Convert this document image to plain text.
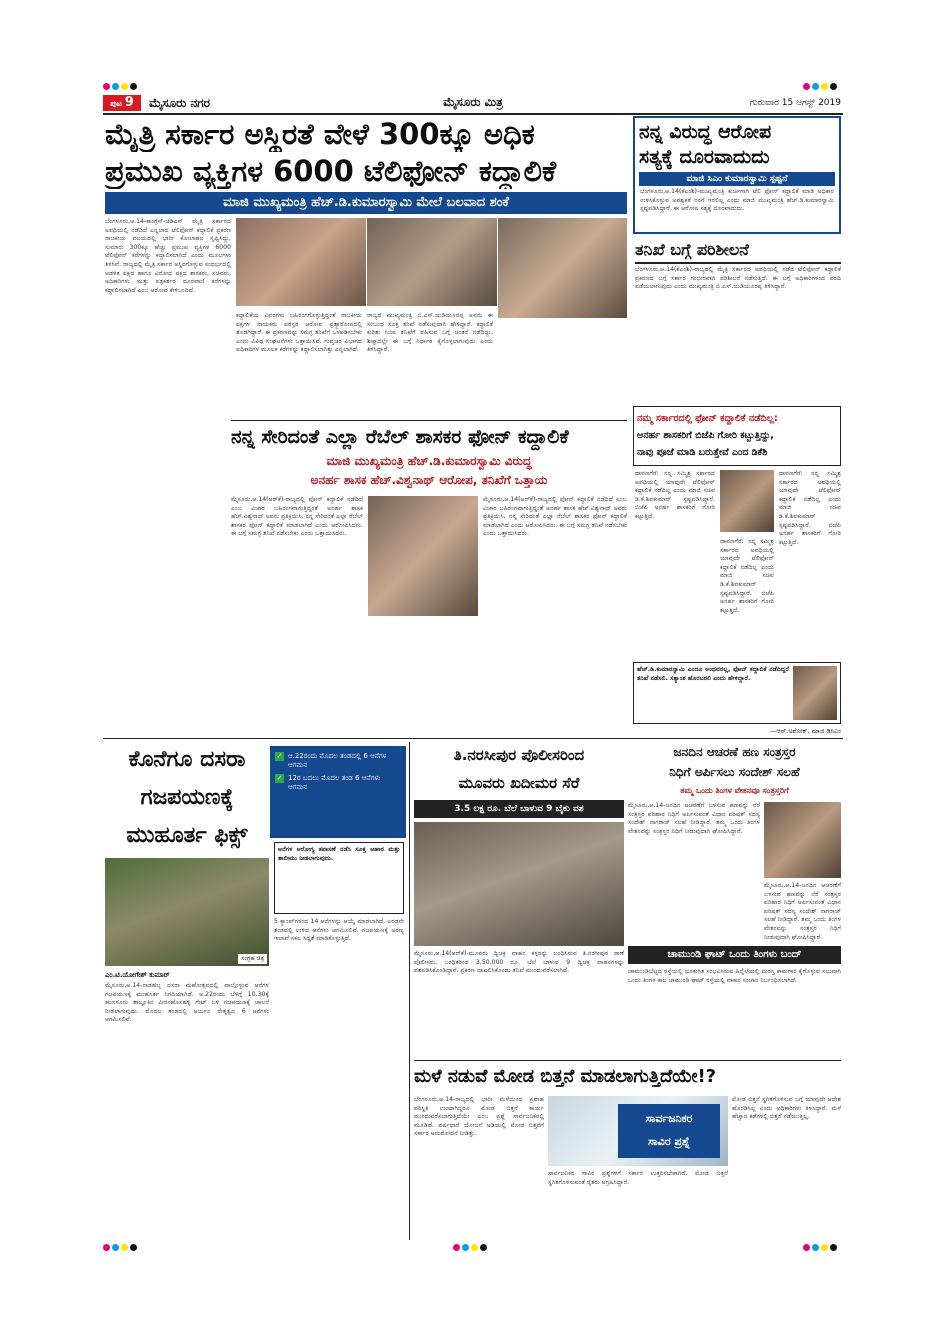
ಪುಟ 9	ಮೈಸೂರು ನಗರ	ಮೈಸೂರು ಮಿತ್ರ	ಗುರುವಾರ 15 ಆಗಸ್ಟ್ 2019
ಮೈತ್ರಿ ಸರ್ಕಾರ ಅಸ್ಥಿರತೆ ವೇಳೆ 300ಕ್ಕೂ ಅಧಿಕ
ಪ್ರಮುಖ ವ್ಯಕ್ತಿಗಳ 6000 ಟೆಲಿಫೋನ್ ಕದ್ದಾಲಿಕೆ
ಮಾಜಿ ಮುಖ್ಯಮಂತ್ರಿ ಹೆಚ್.ಡಿ.ಕುಮಾರಸ್ವಾಮಿ ಮೇಲೆ ಬಲವಾದ ಶಂಕೆ

ಬೆಂಗಳೂರು,ಆ.14-ಕಾಂಗ್ರೆಸ್-ಜೆಡಿಎಸ್ ಮೈತ್ರಿ ಸರ್ಕಾರದ ಅವಧಿಯಲ್ಲಿ ನಡೆದಿದೆ ಎನ್ನಲಾದ ಟೆಲಿಫೋನ್ ಕದ್ದಾಲಿಕೆ ಪ್ರಕರಣ ರಾಜಕೀಯ ವಲಯದಲ್ಲಿ ಭಾರೀ ಕೋಲಾಹಲ ಸೃಷ್ಟಿಸಿದ್ದು, ಸುಮಾರು 300ಕ್ಕೂ ಹೆಚ್ಚು ಪ್ರಮುಖ ವ್ಯಕ್ತಿಗಳ 6000 ಟೆಲಿಫೋನ್ ಕರೆಗಳನ್ನು ಕದ್ದಾಲಿಸಲಾಗಿದೆ ಎಂದು ಮೂಲಗಳು ತಿಳಿಸಿವೆ. ರಾಜ್ಯದಲ್ಲಿ ಮೈತ್ರಿ ಸರ್ಕಾರ ಅಸ್ಥಿರಗೊಳ್ಳುವ ಸಂದರ್ಭದಲ್ಲಿ ಆಡಳಿತ ಪಕ್ಷದ ಹಾಗೂ ವಿರೋಧ ಪಕ್ಷದ ಶಾಸಕರು, ಸಚಿವರು, ಅಧಿಕಾರಿಗಳು ಮತ್ತು ಪತ್ರಕರ್ತರ ದೂರವಾಣಿ ಕರೆಗಳನ್ನು ಕದ್ದಾಲಿಸಲಾಗಿದೆ ಎಂಬ ಆರೋಪ ಕೇಳಿಬಂದಿದೆ.

ಕದ್ದಾಲಿಕೆಯ ವಿವರಗಳು ಬಹಿರಂಗಗೊಳ್ಳುತ್ತಿದ್ದಂತೆ ರಾಜಕೀಯ ಪಕ್ಷಗಳ ನಾಯಕರು ಪರಸ್ಪರ ಆರೋಪ ಪ್ರತ್ಯಾರೋಪದಲ್ಲಿ ತೊಡಗಿದ್ದಾರೆ. ಈ ಪ್ರಕರಣವನ್ನು ಸಮಗ್ರ ತನಿಖೆಗೆ ಒಳಪಡಿಸಬೇಕು ಎಂದು ವಿವಿಧ ಸಂಘಟನೆಗಳು ಒತ್ತಾಯಿಸಿವೆ. ಗುಪ್ತಚರ ವಿಭಾಗದ ಅಧಿಕಾರಿಗಳ ಮೂಲಕ ಕರೆಗಳನ್ನು ಕದ್ದಾಲಿಸಲಾಗಿತ್ತು ಎನ್ನಲಾಗಿದೆ.

ರಾಜ್ಯದ ಮುಖ್ಯಮಂತ್ರಿ ಬಿ.ಎಸ್.ಯಡಿಯೂರಪ್ಪ ಅವರು ಈ ಸಂಬಂಧ ಸೂಕ್ತ ತನಿಖೆ ನಡೆಸುವುದಾಗಿ ಹೇಳಿದ್ದಾರೆ. ಕದ್ದಾಲಿಕೆ ಕುರಿತು ಸಿಬಿಐ ತನಿಖೆಗೆ ವಹಿಸುವ ಬಗ್ಗೆ ಚಿಂತನೆ ನಡೆದಿದ್ದು, ಶೀಘ್ರದಲ್ಲೇ ಈ ಬಗ್ಗೆ ನಿರ್ಧಾರ ಕೈಗೊಳ್ಳಲಾಗುವುದು ಎಂದು ತಿಳಿಸಿದ್ದಾರೆ.

ನನ್ನ ವಿರುದ್ಧ ಆರೋಪ
ಸತ್ಯಕ್ಕೆ ದೂರವಾದುದು
ಮಾಜಿ ಸಿಎಂ ಕುಮಾರಸ್ವಾಮಿ ಸ್ಪಷ್ಟನೆ
ಬೆಂಗಳೂರು,ಆ.14(ಕೆಎಂಶಿ)-ಮುಖ್ಯಮಂತ್ರಿ ಕುರ್ಚಿಗಾಗಿ ಟೆಲಿ ಫೋನ್ ಕದ್ದಾಲಿಕೆ ಮಾಡಿ ಅಧಿಕಾರ ಉಳಿಸಿಕೊಳ್ಳುವ ಅವಶ್ಯಕತೆ ನನಗೆ ಇರಲಿಲ್ಲ ಎಂದು ಮಾಜಿ ಮುಖ್ಯಮಂತ್ರಿ ಹೆಚ್.ಡಿ.ಕುಮಾರಸ್ವಾಮಿ ಸ್ಪಷ್ಟಪಡಿಸಿದ್ದಾರೆ. ಈ ಆರೋಪ ಸತ್ಯಕ್ಕೆ ದೂರವಾದುದು.
ತನಿಖೆ ಬಗ್ಗೆ ಪರಿಶೀಲನೆ
ಬೆಂಗಳೂರು,ಆ.14(ಕೆಎಂಶಿ)-ರಾಜ್ಯದಲ್ಲಿ ಮೈತ್ರಿ ಸರ್ಕಾರದ ಅವಧಿಯಲ್ಲಿ ನಡೆದ ಟೆಲಿಫೋನ್ ಕದ್ದಾಲಿಕೆ ಪ್ರಕರಣದ ಬಗ್ಗೆ ಸರ್ಕಾರ ಗಂಭೀರವಾಗಿ ಪರಿಶೀಲನೆ ನಡೆಸುತ್ತಿದೆ. ಈ ಬಗ್ಗೆ ಅಧಿಕಾರಿಗಳಿಂದ ವರದಿ ಪಡೆಯಲಾಗುವುದು ಎಂದು ಮುಖ್ಯಮಂತ್ರಿ ಬಿ.ಎಸ್.ಯಡಿಯೂರಪ್ಪ ತಿಳಿಸಿದ್ದಾರೆ.
ನನ್ನ ಸೇರಿದಂತೆ ಎಲ್ಲಾ ರೆಬೆಲ್ ಶಾಸಕರ ಫೋನ್ ಕದ್ದಾಲಿಕೆ
ಮಾಜಿ ಮುಖ್ಯಮಂತ್ರಿ ಹೆಚ್.ಡಿ.ಕುಮಾರಸ್ವಾಮಿ ವಿರುದ್ಧ
ಅನರ್ಹ ಶಾಸಕ ಹೆಚ್.ವಿಶ್ವನಾಥ್ ಆರೋಪ, ತನಿಖೆಗೆ ಒತ್ತಾಯ
ಮೈಸೂರು,ಆ.14(ಆರ್‌ಕೆ)-ರಾಜ್ಯದಲ್ಲಿ ಫೋನ್ ಕದ್ದಾಲಿಕೆ ನಡೆದಿದೆ ಎಂಬ ವಿಚಾರ ಬಹಿರಂಗವಾಗುತ್ತಿದ್ದಂತೆ ಅನರ್ಹ ಶಾಸಕ ಹೆಚ್.ವಿಶ್ವನಾಥ್ ಅವರು ಪ್ರತಿಕ್ರಿಯಿಸಿ, ನನ್ನ ಸೇರಿದಂತೆ ಎಲ್ಲಾ ರೆಬೆಲ್ ಶಾಸಕರ ಫೋನ್ ಕದ್ದಾಲಿಕೆ ಮಾಡಲಾಗಿದೆ ಎಂದು ಆರೋಪಿಸಿದರು. ಈ ಬಗ್ಗೆ ಸಮಗ್ರ ತನಿಖೆ ನಡೆಸಬೇಕು ಎಂದು ಒತ್ತಾಯಿಸಿದರು.
ಮೈಸೂರು,ಆ.14(ಆರ್‌ಕೆ)-ರಾಜ್ಯದಲ್ಲಿ ಫೋನ್ ಕದ್ದಾಲಿಕೆ ನಡೆದಿದೆ ಎಂಬ ವಿಚಾರ ಬಹಿರಂಗವಾಗುತ್ತಿದ್ದಂತೆ ಅನರ್ಹ ಶಾಸಕ ಹೆಚ್.ವಿಶ್ವನಾಥ್ ಅವರು ಪ್ರತಿಕ್ರಿಯಿಸಿ, ನನ್ನ ಸೇರಿದಂತೆ ಎಲ್ಲಾ ರೆಬೆಲ್ ಶಾಸಕರ ಫೋನ್ ಕದ್ದಾಲಿಕೆ ಮಾಡಲಾಗಿದೆ ಎಂದು ಆರೋಪಿಸಿದರು. ಈ ಬಗ್ಗೆ ಸಮಗ್ರ ತನಿಖೆ ನಡೆಸಬೇಕು ಎಂದು ಒತ್ತಾಯಿಸಿದರು.
ನಮ್ಮ ಸರ್ಕಾರದಲ್ಲಿ ಫೋನ್ ಕದ್ದಾಲಿಕೆ ನಡೆದಿಲ್ಲ:
ಅನರ್ಹ ಶಾಸಕರಿಗೆ ಬಿಜೆಪಿ ಗೋರಿ ಕಟ್ಟುತ್ತಿದ್ದು,
ನಾವು ಪೂಜೆ ಮಾಡಿ ಬರುತ್ತೇವೆ ಎಂದ ಡಿಕೆಶಿ
ದಾವಣಗೆರೆ: ನನ್ನ ಸಮ್ಮಿಶ್ರ ಸರ್ಕಾರದ ಅವಧಿಯಲ್ಲಿ ಯಾವುದೇ ಟೆಲಿಫೋನ್ ಕದ್ದಾಲಿಕೆ ನಡೆದಿಲ್ಲ ಎಂದು ಮಾಜಿ ಸಚಿವ ಡಿ.ಕೆ.ಶಿವಕುಮಾರ್ ಸ್ಪಷ್ಟಪಡಿಸಿದ್ದಾರೆ. ಬಿಜೆಪಿ ಅನರ್ಹ ಶಾಸಕರಿಗೆ ಗೋರಿ ಕಟ್ಟುತ್ತಿದೆ.
ದಾವಣಗೆರೆ: ನನ್ನ ಸಮ್ಮಿಶ್ರ ಸರ್ಕಾರದ ಅವಧಿಯಲ್ಲಿ ಯಾವುದೇ ಟೆಲಿಫೋನ್ ಕದ್ದಾಲಿಕೆ ನಡೆದಿಲ್ಲ ಎಂದು ಮಾಜಿ ಸಚಿವ ಡಿ.ಕೆ.ಶಿವಕುಮಾರ್ ಸ್ಪಷ್ಟಪಡಿಸಿದ್ದಾರೆ. ಬಿಜೆಪಿ ಅನರ್ಹ ಶಾಸಕರಿಗೆ ಗೋರಿ ಕಟ್ಟುತ್ತಿದೆ.
ದಾವಣಗೆರೆ: ನನ್ನ ಸಮ್ಮಿಶ್ರ ಸರ್ಕಾರದ ಅವಧಿಯಲ್ಲಿ ಯಾವುದೇ ಟೆಲಿಫೋನ್ ಕದ್ದಾಲಿಕೆ ನಡೆದಿಲ್ಲ ಎಂದು ಮಾಜಿ ಸಚಿವ ಡಿ.ಕೆ.ಶಿವಕುಮಾರ್ ಸ್ಪಷ್ಟಪಡಿಸಿದ್ದಾರೆ. ಬಿಜೆಪಿ ಅನರ್ಹ ಶಾಸಕರಿಗೆ ಗೋರಿ ಕಟ್ಟುತ್ತಿದೆ.
ಹೆಚ್.ಡಿ.ಕುಮಾರಸ್ವಾಮಿ ಎಂದೂ ಅಂಥವರಲ್ಲ, ಫೋನ್ ಕದ್ದಾಲಿಕೆ ನಡೆದಿದ್ದರೆ ತನಿಖೆ ನಡೆಸಲಿ. ಸತ್ಯಾಂಶ ಹೊರಬರಲಿ ಎಂದು ಹೇಳಿದ್ದಾರೆ.
—ಆರ್.ಅಶೋಕ್, ಮಾಜಿ ಡಿಸಿಎಂ
ಕೊನೆಗೂ ದಸರಾ
ಗಜಪಯಣಕ್ಕೆ
ಮುಹೂರ್ತ ಫಿಕ್ಸ್
✓ ಆ.22ರಂದು ಮೊದಲ ತಂಡದಲ್ಲಿ 6 ಆನೆಗಳ ಆಗಮನ
✓ 12ರ ಬದಲು ಮೊದಲ ತಂಡ 6 ಆನೆಗಳು ಆಗಮನ
ಆನೆಗಳ ಆರೋಗ್ಯ ತಪಾಸಣೆ ನಡೆಸಿ ಸೂಕ್ತ ಆಹಾರ ಮತ್ತು ತಾಲೀಮು ನೀಡಲಾಗುವುದು.
ಸಂಗ್ರಹ ಚಿತ್ರ
ಎಂ.ಟಿ.ಯೋಗೇಶ್ ಕುಮಾರ್
ಮೈಸೂರು,ಆ.14-ನಾಡಹಬ್ಬ ದಸರಾ ಮಹೋತ್ಸವದಲ್ಲಿ ಪಾಲ್ಗೊಳ್ಳುವ ಆನೆಗಳ ಗಜಪಯಣಕ್ಕೆ ಮುಹೂರ್ತ ನಿಗದಿಯಾಗಿದೆ. ಆ.22ರಂದು ಬೆಳಿಗ್ಗೆ 10.30ಕ್ಕೆ ಹುಣಸೂರು ತಾಲ್ಲೂಕಿನ ವೀರನಹೊಸಹಳ್ಳಿ ಗೇಟ್ ಬಳಿ ಗಜಪಯಣಕ್ಕೆ ಚಾಲನೆ ನೀಡಲಾಗುವುದು. ಮೊದಲ ತಂಡದಲ್ಲಿ ಅರ್ಜುನ ನೇತೃತ್ವದ 6 ಆನೆಗಳು ಆಗಮಿಸಲಿವೆ.
5 ಕ್ಯಾಂಪ್‌ಗಳಿಂದ 14 ಆನೆಗಳನ್ನು ಆಯ್ಕೆ ಮಾಡಲಾಗಿದೆ. ಎರಡನೇ ತಂಡದಲ್ಲಿ ಉಳಿದ ಆನೆಗಳು ಆಗಮಿಸಲಿವೆ. ಗಜಪಯಣಕ್ಕೆ ಅರಣ್ಯ ಇಲಾಖೆ ಸಕಲ ಸಿದ್ಧತೆ ಮಾಡಿಕೊಳ್ಳುತ್ತಿದೆ.
ತಿ.ನರಸೀಪುರ ಪೊಲೀಸರಿಂದ
ಮೂವರು ಖದೀಮರ ಸೆರೆ
3.5 ಲಕ್ಷ ರೂ. ಬೆಲೆ ಬಾಳುವ 9 ಬೈಕು ವಶ
ಮೈಸೂರು,ಆ.14(ಆರ್‌ಕೆ)-ಮೂವರು ದ್ವಿಚಕ್ರ ವಾಹನ ಕಳ್ಳರನ್ನು ಬಂಧಿಸಿರುವ ತಿ.ನರಸೀಪುರ ಠಾಣೆ ಪೊಲೀಸರು, ಬಂಧಿತರಿಂದ 3,50,000 ರೂ. ಬೆಲೆ ಬಾಳುವ 9 ದ್ವಿಚಕ್ರ ವಾಹನಗಳನ್ನು ವಶಪಡಿಸಿಕೊಂಡಿದ್ದಾರೆ. ಪ್ರಕರಣ ದಾಖಲಿಸಿಕೊಂಡು ತನಿಖೆ ಮುಂದುವರೆಸಲಾಗಿದೆ.
ಜನದಿನ ಆಚರಣೆ ಹಣ ಸಂತ್ರಸ್ತರ
ನಿಧಿಗೆ ಅರ್ಪಿಸಲು ಸಂದೇಶ್ ಸಲಹೆ
ತಮ್ಮ ಒಂದು ತಿಂಗಳ ವೇತನವೂ ಸಂತ್ರಸ್ತರಿಗೆ
ಮೈಸೂರು,ಆ.14-ಜನದಿನ ಆಚರಣೆಗೆ ಬಳಸುವ ಹಣವನ್ನು ನೆರೆ ಸಂತ್ರಸ್ತರ ಪರಿಹಾರ ನಿಧಿಗೆ ಅರ್ಪಿಸುವಂತೆ ವಿಧಾನ ಪರಿಷತ್ ಸದಸ್ಯ ಸಂದೇಶ್ ನಾಗರಾಜ್ ಸಲಹೆ ನೀಡಿದ್ದಾರೆ. ತಮ್ಮ ಒಂದು ತಿಂಗಳ ವೇತನವನ್ನು ಸಂತ್ರಸ್ತರ ನಿಧಿಗೆ ನೀಡುವುದಾಗಿ ಘೋಷಿಸಿದ್ದಾರೆ.
ಮೈಸೂರು,ಆ.14-ಜನದಿನ ಆಚರಣೆಗೆ ಬಳಸುವ ಹಣವನ್ನು ನೆರೆ ಸಂತ್ರಸ್ತರ ಪರಿಹಾರ ನಿಧಿಗೆ ಅರ್ಪಿಸುವಂತೆ ವಿಧಾನ ಪರಿಷತ್ ಸದಸ್ಯ ಸಂದೇಶ್ ನಾಗರಾಜ್ ಸಲಹೆ ನೀಡಿದ್ದಾರೆ. ತಮ್ಮ ಒಂದು ತಿಂಗಳ ವೇತನವನ್ನು ಸಂತ್ರಸ್ತರ ನಿಧಿಗೆ ನೀಡುವುದಾಗಿ ಘೋಷಿಸಿದ್ದಾರೆ.
ಚಾಮುಂಡಿ ಘಾಟ್ ಒಂದು ತಿಂಗಳು ಬಂದ್
ಚಾಮುಂಡಿಬೆಟ್ಟದ ರಸ್ತೆಯಲ್ಲಿ ಭೂಕುಸಿತ ಸಂಭವಿಸಿರುವ ಹಿನ್ನೆಲೆಯಲ್ಲಿ ದುರಸ್ತಿ ಕಾಮಗಾರಿ ಕೈಗೊಳ್ಳುವ ಸಲುವಾಗಿ ಒಂದು ತಿಂಗಳ ಕಾಲ ಚಾಮುಂಡಿ ಘಾಟ್ ರಸ್ತೆಯಲ್ಲಿ ವಾಹನ ಸಂಚಾರ ನಿರ್ಬಂಧಿಸಲಾಗಿದೆ.
ಮಳೆ ನಡುವೆ ಮೋಡ ಬಿತ್ತನೆ ಮಾಡಲಾಗುತ್ತಿದೆಯೇ!?
ಬೆಂಗಳೂರು,ಆ.14-ರಾಜ್ಯದಲ್ಲಿ ಭಾರೀ ಮಳೆಯಿಂದ ಪ್ರವಾಹ ಪರಿಸ್ಥಿತಿ ಉಂಟಾಗಿದ್ದರೂ ಮೋಡ ಬಿತ್ತನೆ ಕಾರ್ಯ ಮುಂದುವರೆಸಲಾಗುತ್ತಿದೆಯೇ ಎಂಬ ಪ್ರಶ್ನೆ ಸಾರ್ವಜನಿಕರಲ್ಲಿ ಮೂಡಿದೆ. ವರ್ಷಧಾರೆ ಯೋಜನೆ ಅಡಿಯಲ್ಲಿ ಮೋಡ ಬಿತ್ತನೆಗೆ ಸರ್ಕಾರ ಅನುಮೋದನೆ ನೀಡಿತ್ತು.
ಸಾರ್ವಜನಿಕರ
ಸಾವಿರ ಪ್ರಶ್ನೆ
ಸಾರ್ವಜನಿಕರ ಸಾವಿರ ಪ್ರಶ್ನೆಗಳಿಗೆ ಸರ್ಕಾರ ಉತ್ತರಿಸಬೇಕಾಗಿದೆ. ಮೋಡ ಬಿತ್ತನೆ ಸ್ಥಗಿತಗೊಳಿಸುವಂತೆ ರೈತರು ಆಗ್ರಹಿಸಿದ್ದಾರೆ.
ಮೋಡ ಬಿತ್ತನೆ ಸ್ಥಗಿತಗೊಳಿಸುವ ಬಗ್ಗೆ ಯಾವುದೇ ಆದೇಶ ಹೊರಡಿಸಿಲ್ಲ ಎಂದು ಅಧಿಕಾರಿಗಳು ತಿಳಿಸಿದ್ದಾರೆ. ಮಳೆ ಹೆಚ್ಚಾದ ಕಡೆಗಳಲ್ಲಿ ಬಿತ್ತನೆ ನಡೆಯುತ್ತಿಲ್ಲ.
